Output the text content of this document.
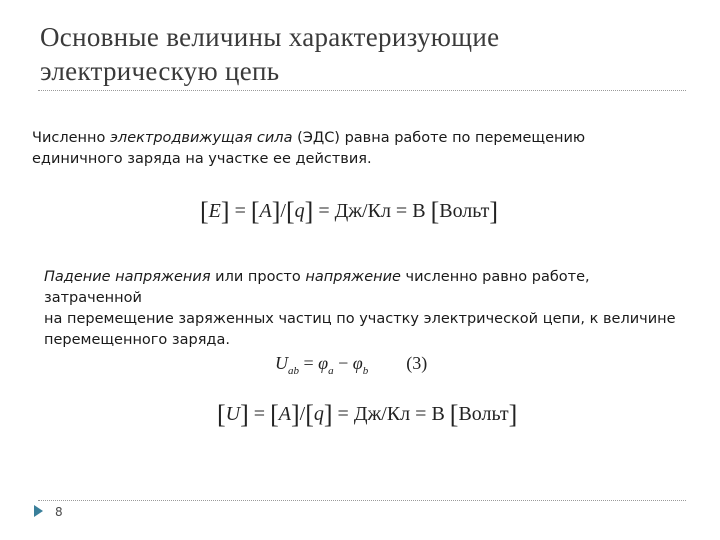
Основные величины характеризующие
электрическую цепь

Численно электродвижущая сила (ЭДС) равна работе по перемещению
единичного заряда на участке ее действия.

[E] = [A]/[q] = Дж/Кл = В [Вольт]

Падение напряжения или просто напряжение численно равно работе, затраченной
на перемещение заряженных частиц по участку электрической цепи, к величине
перемещенного заряда.

$U_{ab} = \varphi_a - \varphi_b$ (3)
[U] = [A]/[q] = Дж/Кл = В [Вольт]
8
